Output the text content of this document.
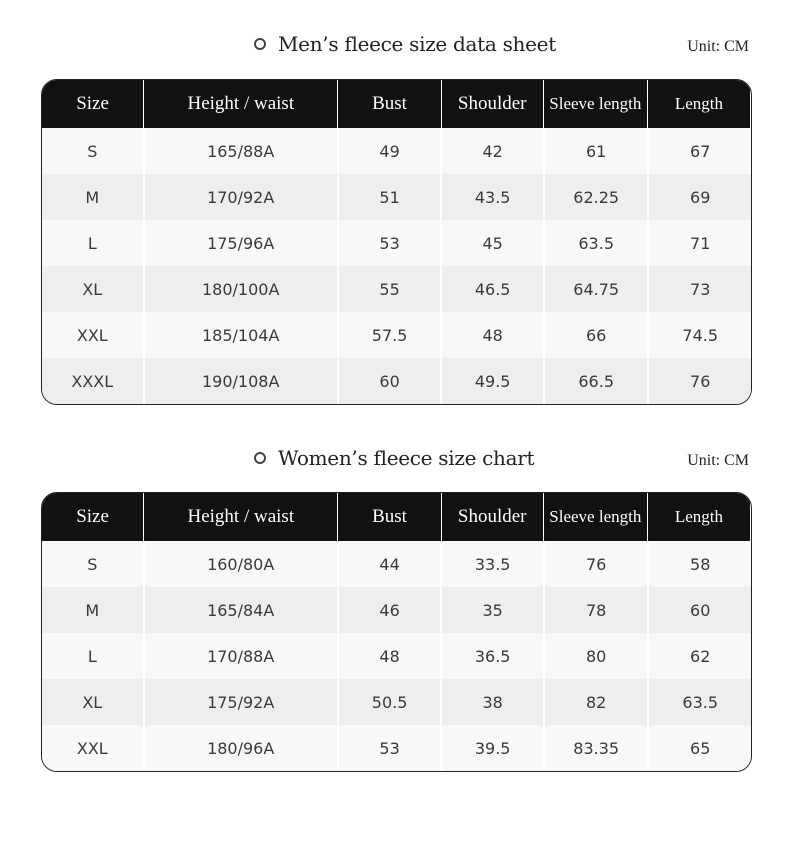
Men’s fleece size data sheet	Unit: CM
Size	Height / waist	Bust	Shoulder	Sleeve length	Length
S	165/88A	49	42	61	67
M	170/92A	51	43.5	62.25	69
L	175/96A	53	45	63.5	71
XL	180/100A	55	46.5	64.75	73
XXL	185/104A	57.5	48	66	74.5
XXXL	190/108A	60	49.5	66.5	76
Women’s fleece size chart	Unit: CM
Size	Height / waist	Bust	Shoulder	Sleeve length	Length
S	160/80A	44	33.5	76	58
M	165/84A	46	35	78	60
L	170/88A	48	36.5	80	62
XL	175/92A	50.5	38	82	63.5
XXL	180/96A	53	39.5	83.35	65
